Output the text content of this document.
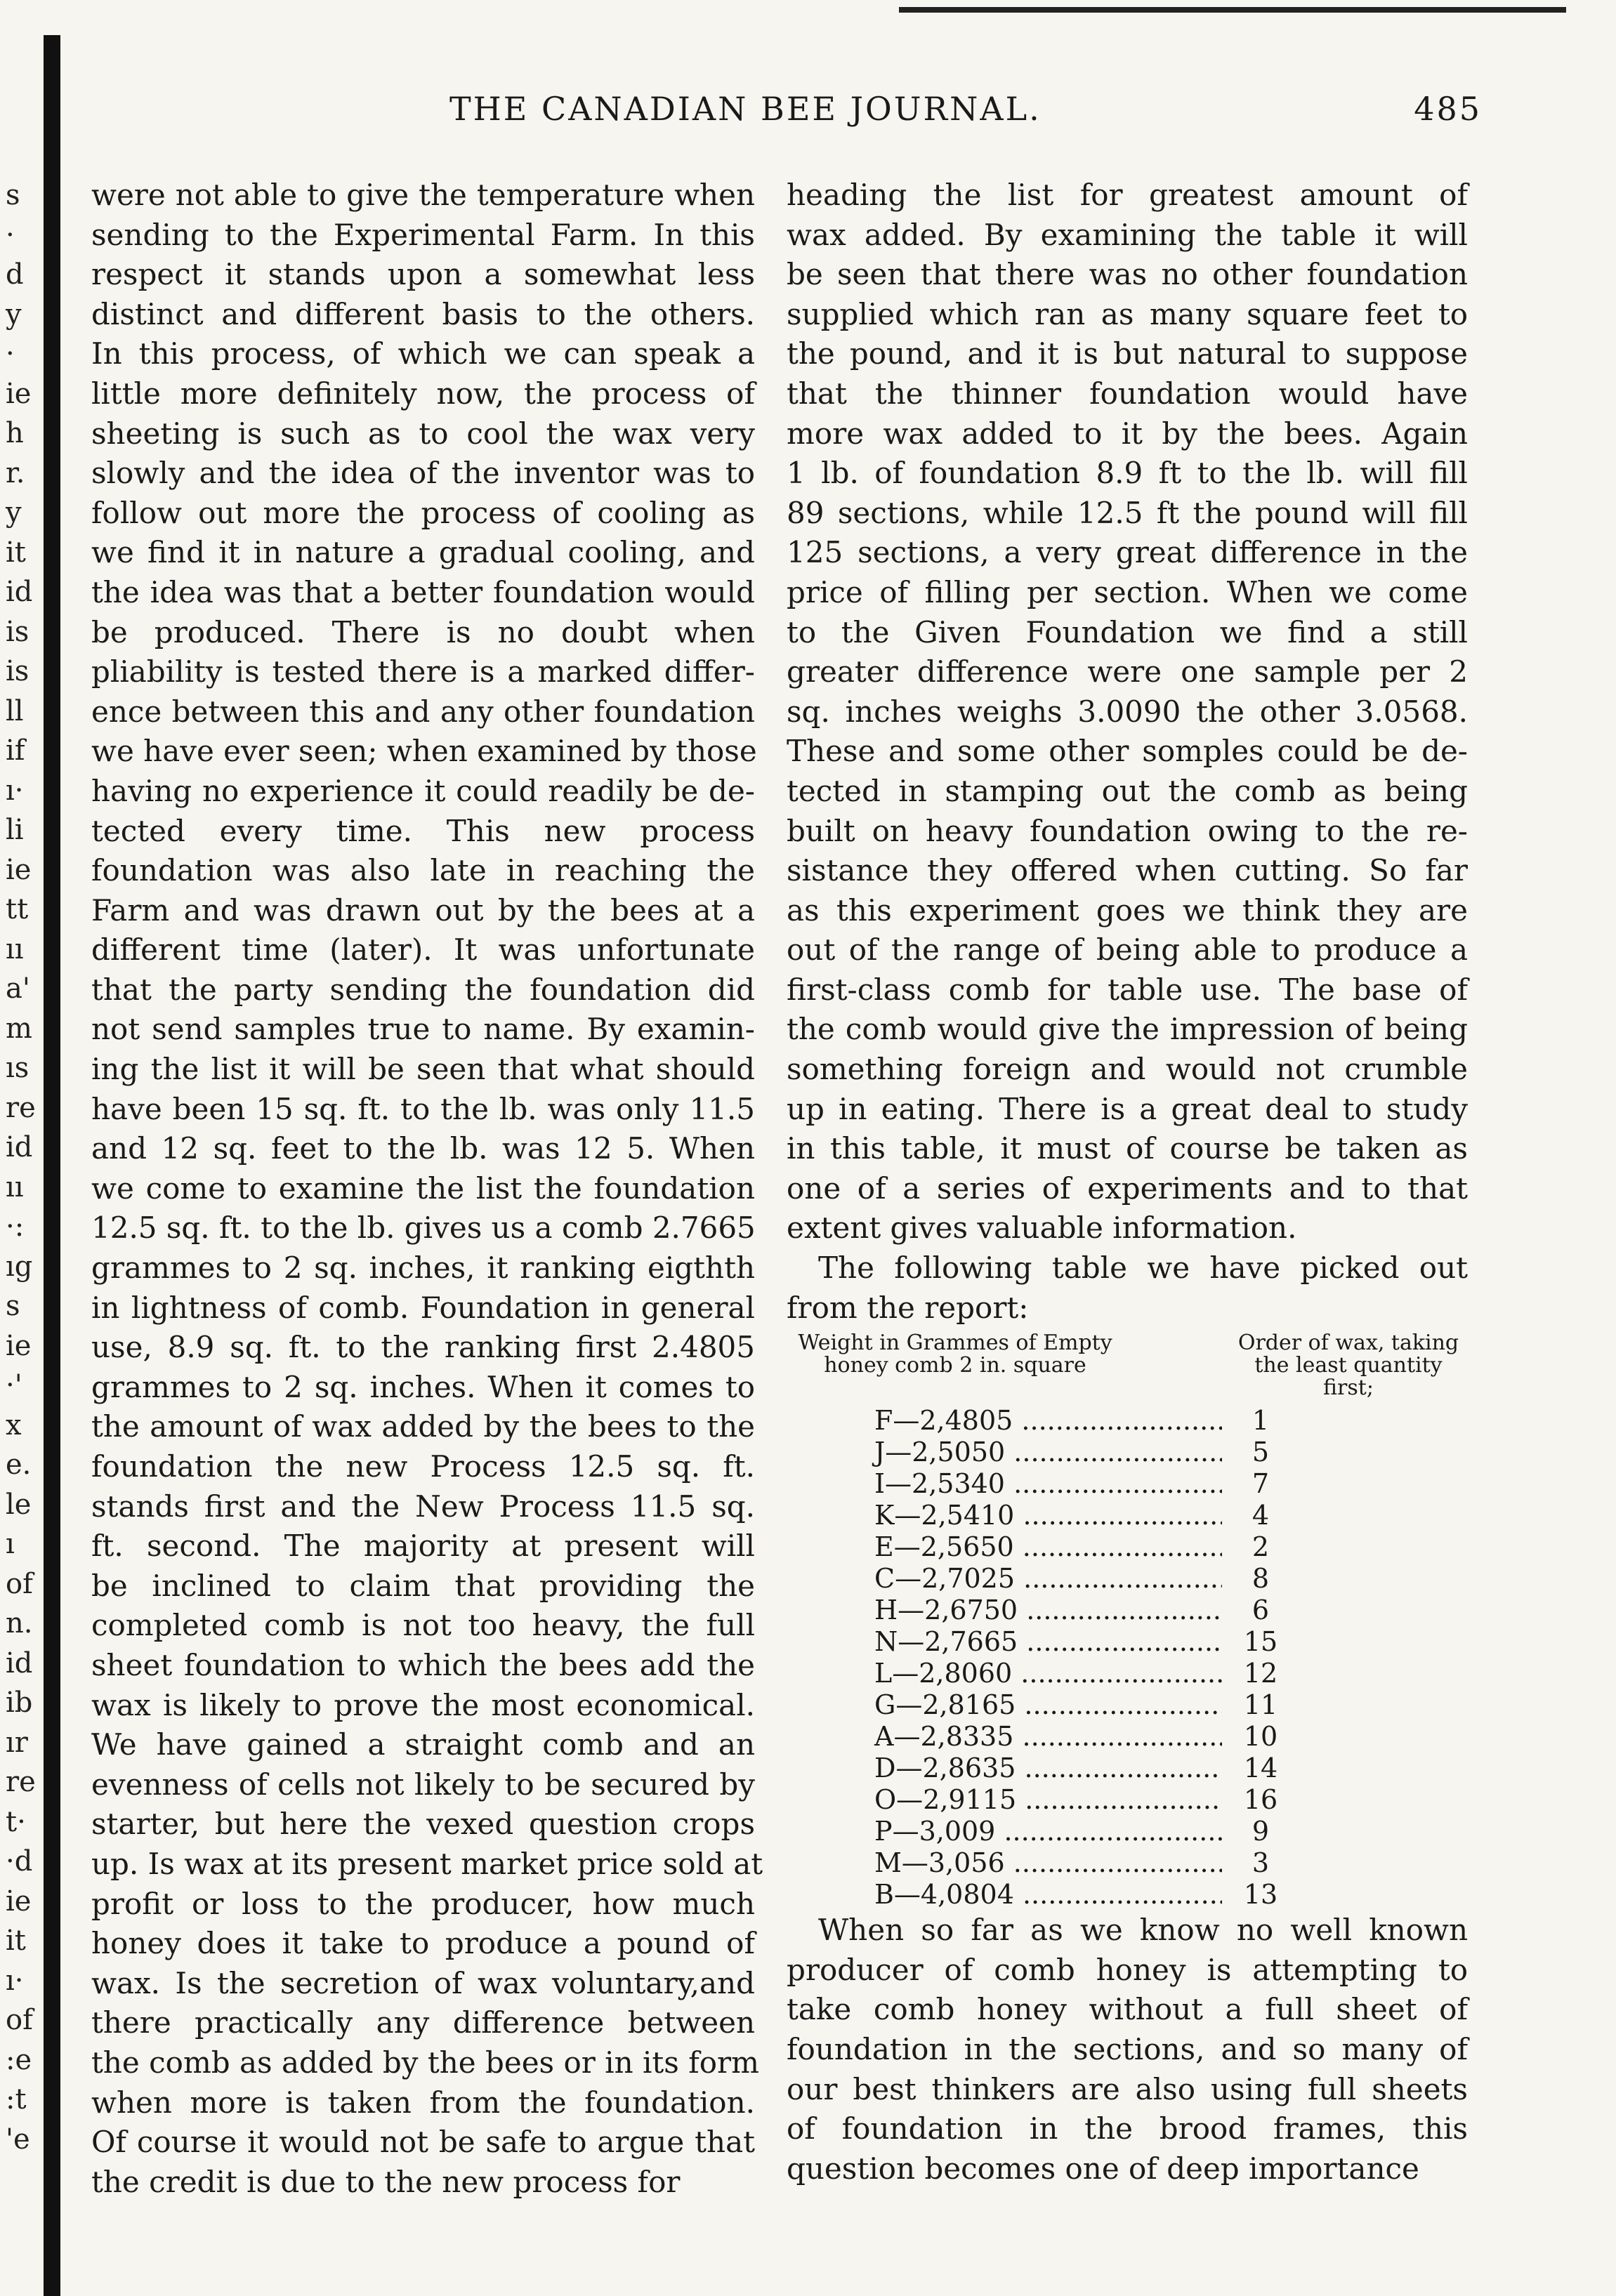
s
·
d
y
·
ie
h
r.
y
it
id
is
is
ll
if
ı·
li
ie
tt
ıı
a'
m
ıs
re
id
ıı
·:
ıg
s
ie
·'
x
e.
le
ı
of
n.
id
ib
ır
re
t·
·d
ie
it
ı·
of
:e
:t
'e
THE CANADIAN BEE JOURNAL.	485
were not able to give the temperature when
sending to the Experimental Farm. In this
respect it stands upon a somewhat less
distinct and different basis to the others.
In this process, of which we can speak a
little more definitely now, the process of
sheeting is such as to cool the wax very
slowly and the idea of the inventor was to
follow out more the process of cooling as
we find it in nature a gradual cooling, and
the idea was that a better foundation would
be produced. There is no doubt when
pliability is tested there is a marked differ-
ence between this and any other foundation
we have ever seen; when examined by those
having no experience it could readily be de-
tected every time. This new process
foundation was also late in reaching the
Farm and was drawn out by the bees at a
different time (later). It was unfortunate
that the party sending the foundation did
not send samples true to name. By examin-
ing the list it will be seen that what should
have been 15 sq. ft. to the lb. was only 11.5
and 12 sq. feet to the lb. was 12 5. When
we come to examine the list the foundation
12.5 sq. ft. to the lb. gives us a comb 2.7665
grammes to 2 sq. inches, it ranking eigthth
in lightness of comb. Foundation in general
use, 8.9 sq. ft. to the ranking first 2.4805
grammes to 2 sq. inches. When it comes to
the amount of wax added by the bees to the
foundation the new Process 12.5 sq. ft.
stands first and the New Process 11.5 sq.
ft. second. The majority at present will
be inclined to claim that providing the
completed comb is not too heavy, the full
sheet foundation to which the bees add the
wax is likely to prove the most economical.
We have gained a straight comb and an
evenness of cells not likely to be secured by
starter, but here the vexed question crops
up. Is wax at its present market price sold at
profit or loss to the producer, how much
honey does it take to produce a pound of
wax. Is the secretion of wax voluntary,and
there practically any difference between
the comb as added by the bees or in its form
when more is taken from the foundation.
Of course it would not be safe to argue that
the credit is due to the new process for
heading the list for greatest amount of
wax added. By examining the table it will
be seen that there was no other foundation
supplied which ran as many square feet to
the pound, and it is but natural to suppose
that the thinner foundation would have
more wax added to it by the bees. Again
1 lb. of foundation 8.9 ft to the lb. will fill
89 sections, while 12.5 ft the pound will fill
125 sections, a very great difference in the
price of filling per section. When we come
to the Given Foundation we find a still
greater difference were one sample per 2
sq. inches weighs 3.0090 the other 3.0568.
These and some other somples could be de-
tected in stamping out the comb as being
built on heavy foundation owing to the re-
sistance they offered when cutting. So far
as this experiment goes we think they are
out of the range of being able to produce a
first-class comb for table use. The base of
the comb would give the impression of being
something foreign and would not crumble
up in eating. There is a great deal to study
in this table, it must of course be taken as
one of a series of experiments and to that
extent gives valuable information.
The following table we have picked out
from the report:
Weight in Grammes of Empty honey comb 2 in. square
Order of wax, taking the least quantity first;
F—2,4805 .....	1
J—2,5050 .....	5
I—2,5340 .....	7
K—2,5410 .....	4
E—2,5650 .....	2
C—2,7025 .....	8
H—2,6750 .....	6
N—2,7665 .....	15
L—2,8060 .....	12
G—2,8165 .....	11
A—2,8335 .....	10
D—2,8635 .....	14
O—2,9115 .....	16
P—3,009 .....	9
M—3,056 .....	3
B—4,0804 .....	13
When so far as we know no well known
producer of comb honey is attempting to
take comb honey without a full sheet of
foundation in the sections, and so many of
our best thinkers are also using full sheets
of foundation in the brood frames, this
question becomes one of deep importance
